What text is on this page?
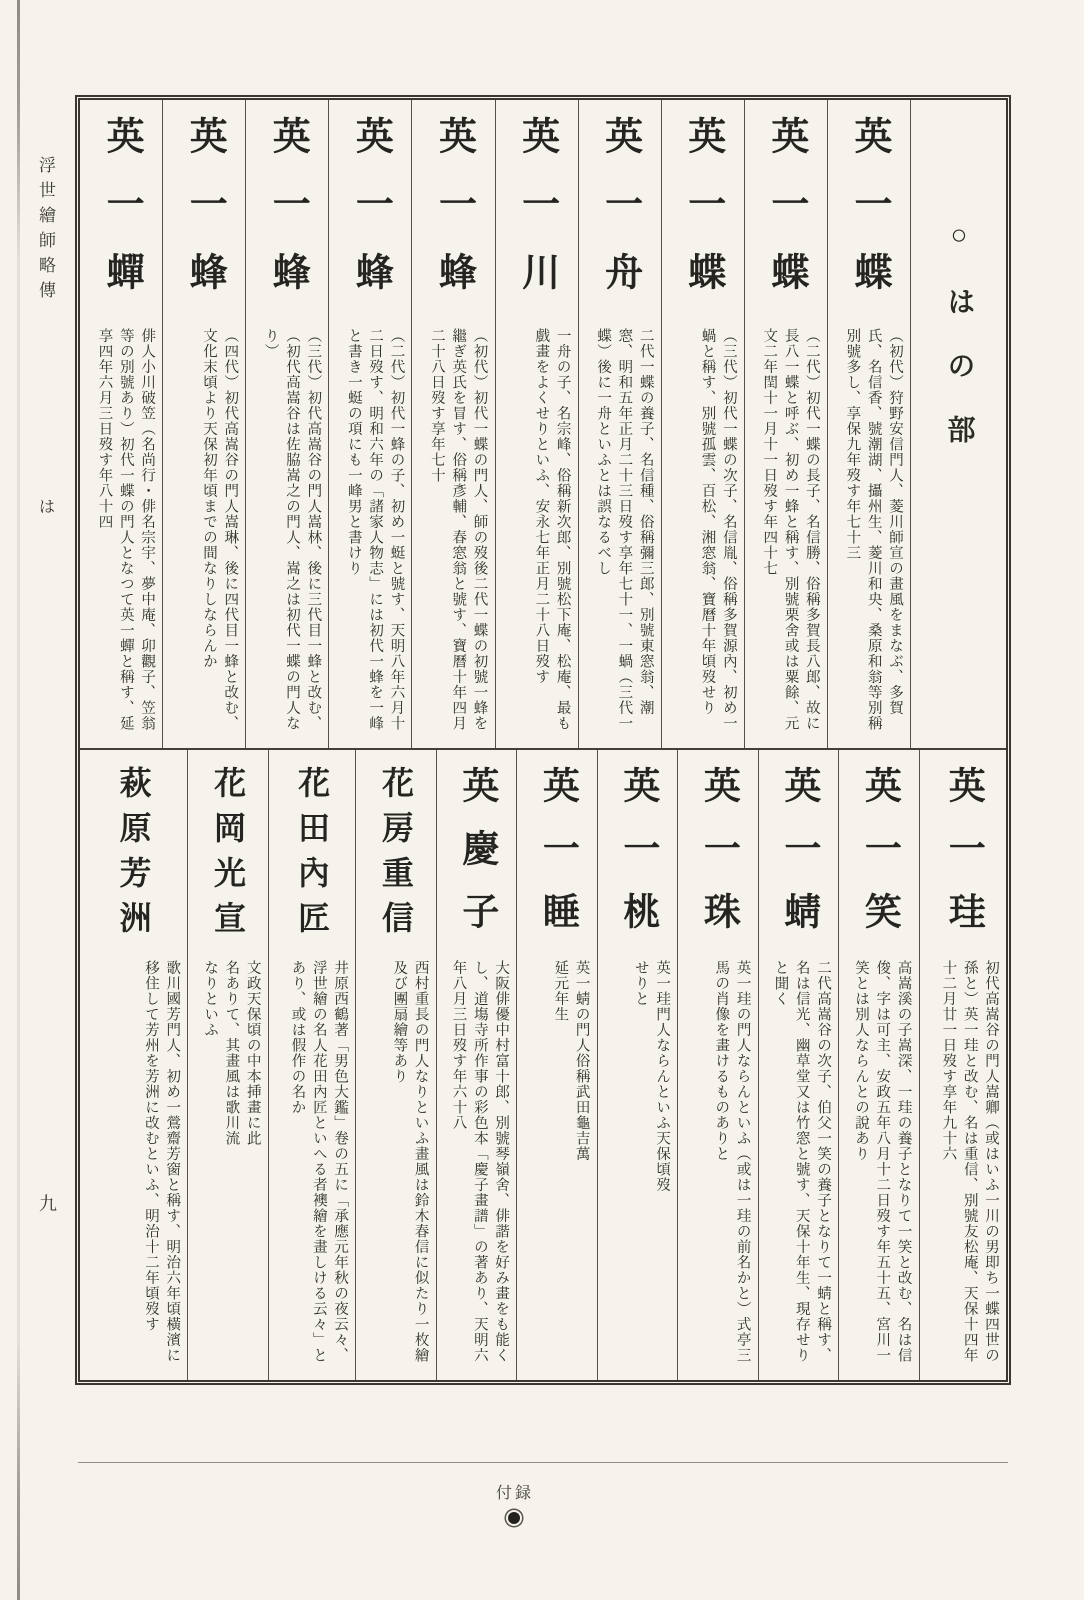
浮世繪師略傳
は
九
○はの部
英一蝶
（初代）狩野安信門人、菱川師宣の畫風をまなぶ、多賀氏、名信香、號潮湖、攝州生、菱川和央、桑原和翁等別稱別號多し、享保九年歿す年七十三
英一蝶
（二代）初代一蝶の長子、名信勝、俗稱多賀長八郎、故に長八一蝶と呼ぶ、初め一蜂と稱す、別號栗舍或は粟餘、元文二年閏十一月十一日歿す年四十七
英一蝶
（三代）初代一蝶の次子、名信胤、俗稱多賀源內、初め一蝸と稱す、別號孤雲、百松、湘窓翁、寶曆十年頃歿せり
英一舟
二代一蝶の養子、名信種、俗稱彌三郎、別號東窓翁、潮窓、明和五年正月二十三日歿す享年七十一、一蝸（三代一蝶）後に一舟といふとは誤なるべし
英一川
一舟の子、名宗峰、俗稱新次郎、別號松下庵、松庵、最も戲畫をよくせりといふ、安永七年正月二十八日歿す
英一蜂
（初代）初代一蝶の門人、師の歿後二代一蝶の初號一蜂を繼ぎ英氏を冒す、俗稱彥輔、春窓翁と號す、寶曆十年四月二十八日歿す享年七十
英一蜂
（二代）初代一蜂の子、初め一蜓と號す、天明八年六月十二日歿す、明和六年の「諸家人物志」には初代一蜂を一峰と書き一蜓の項にも一峰男と書けり
英一蜂
（三代）初代高嵩谷の門人嵩林、後に三代目一蜂と改む、（初代高嵩谷は佐脇嵩之の門人、嵩之は初代一蝶の門人なり）
英一蜂
（四代）初代高嵩谷の門人嵩琳、後に四代目一蜂と改む、文化末頃より天保初年頃までの間なりしならんか
英一蟬
俳人小川破笠（名尚行・俳名宗宇、夢中庵、卯觀子、笠翁等の別號あり）初代一蝶の門人となつて英一蟬と稱す、延享四年六月三日歿す年八十四
英一珪
初代高嵩谷の門人嵩卿（或はいふ一川の男即ち一蝶四世の孫と）英一珪と改む、名は重信、別號友松庵、天保十四年十二月廿一日歿す享年九十六
英一笑
高嵩溪の子嵩深、一珪の養子となりて一笑と改む、名は信俊、字は可主、安政五年八月十二日歿す年五十五、宮川一笑とは別人ならんとの說あり
英一蜻
二代高嵩谷の次子、伯父一笑の養子となりて一蜻と稱す、名は信光、幽草堂又は竹窓と號す、天保十年生、現存せりと聞く
英一珠
英一珪の門人ならんといふ（或は一珪の前名かと）式亭三馬の肖像を畫けるものありと
英一桃
英一珪門人ならんといふ天保頃歿せりと
英一睡
英一蜻の門人俗稱武田龜吉萬延元年生
英慶子
大阪俳優中村富十郎、別號琴嶺舍、俳諧を好み畫をも能くし、道塲寺所作事の彩色本「慶子畫譜」の著あり、天明六年八月三日歿す年六十八
花房重信
西村重長の門人なりといふ畫風は鈴木春信に似たり一枚繪及び團扇繪等あり
花田內匠
井原西鶴著「男色大鑑」卷の五に「承應元年秋の夜云々、浮世繪の名人花田內匠といへる者襖繪を畫しける云々」とあり、或は假作の名か
花岡光宣
文政天保頃の中本挿畫に此名ありて、其畫風は歌川流なりといふ
萩原芳洲
歌川國芳門人、初め一鶯齋芳窗と稱す、明治六年頃橫濱に移住して芳州を芳洲に改むといふ、明治十二年頃歿す
付録
